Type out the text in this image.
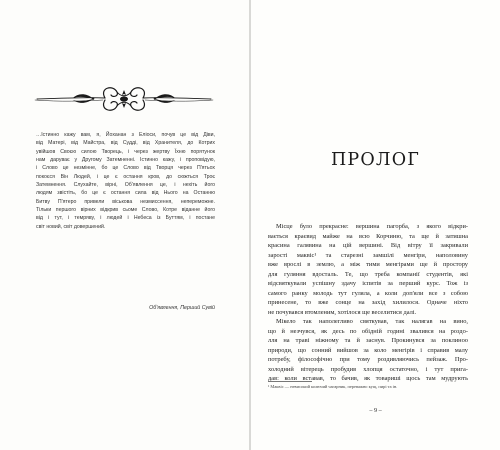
…Істинно кажу вам, я, Йоханан з Еліоси, почув це від Діви,
від Матері, від Майстра, від Судді, від Хранителя, до Котрих
увійшов Своєю силою Творець, і через жертву Їхню порятунок
нам даруває у Другому Затемненні. Істинно кажу, і проповідую,
і Слово це незмінне, бо це Слово від Творця через П'ятьох
покоєся Він Людей, і це є остання кров, до сюжться Троє
Затемнення. Слухайте, вірні, Об'явлення це, і нехіть його
людям звістіть, бо це є остання сила від Нього на Останню
Битву П'ятеро привели віськова незмиссення, непереможне.
Тільки першого вірних відкрив сьоме Слово, Котре віданне його
від і тут, і темряву, і людей і Небеса із Буттям, і постане
світ новий, світ довершений.
Об'явлення, Перший Сувій
ПРОЛОГ
Місце було прекрасне: вершина пагорба, з якого відкри-
вається краєвид майже на всю Корчиню, та ще й затишна
красина галявина на цій вершині. Від вітру її закривали
заростi маквіс¹ та старезні замшілі менгіри, наполовину
вже врослі в землю, а між тими менгірами ще й простору
для гуляння вдосталь. Те, що треба компанії студентів, які
відсвяткували успішну здачу іспитів за перший курс. Тож із
самого ранку молодь тут гуляла, а коли доп'яли все з собою
принесене, то вже сонце на захід хилилося. Одначе ніхто
не почувався втомленим, хотілося ще веселитися далі.
Мікело так наполегливо святкував, так налягав на вино,
що й незчувся, як десь по обідній годині звалився на роздо-
лля на траві ніжному та й заснув. Прокинувся за поклиноо
природи, що сонний вийшов за коло менгірів і справив малу
потребу, філософічно при тому роздивляючись пейзаж. Про-
холодний вітерець пробудив хлопця остаточно, і тут прига-
дав: коли вставав, то бачив, як товариші щось там мудрують
¹ Маквіс — невисокий колючий чагарник, переважно кущ, пирі та ін.
– 9 –
